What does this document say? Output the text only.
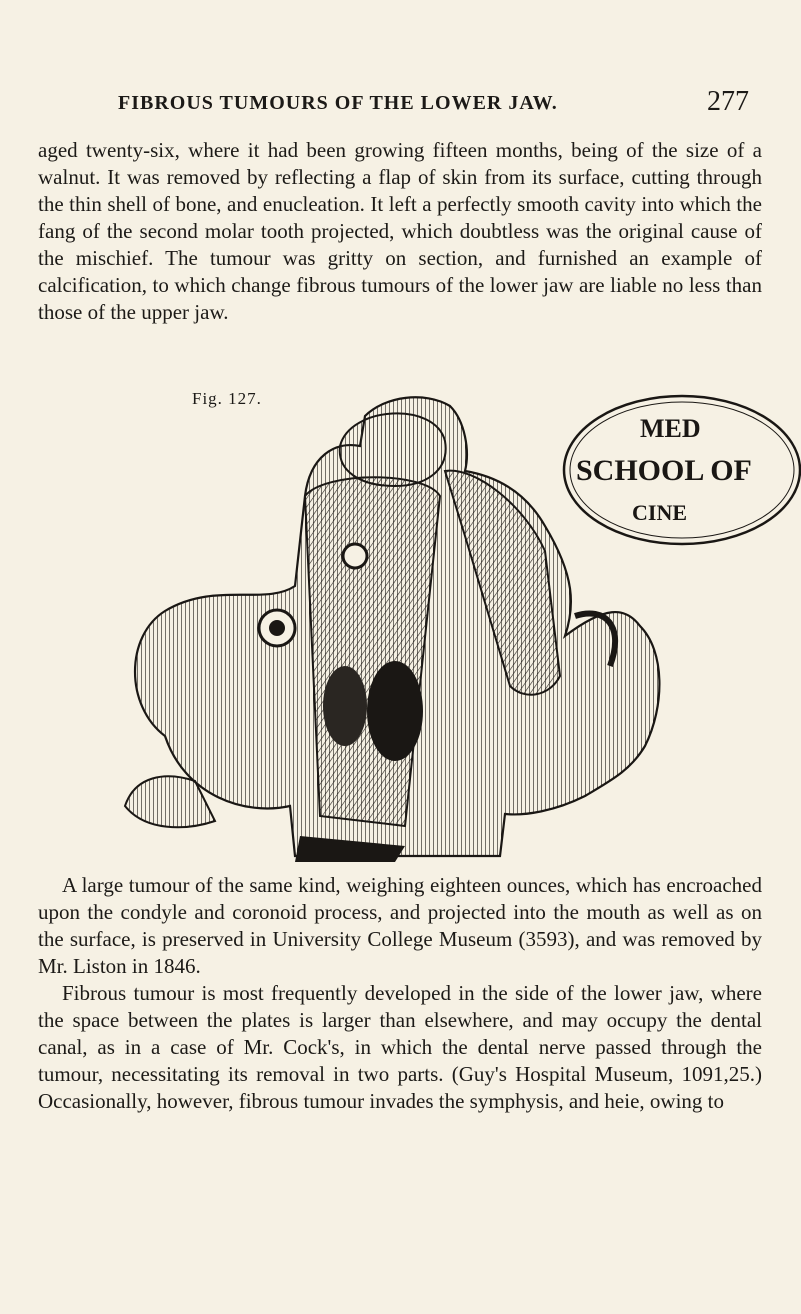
FIBROUS TUMOURS OF THE LOWER JAW.	277

aged twenty-six, where it had been growing fifteen months, being of the size of a walnut. It was removed by reflecting a flap of skin from its surface, cutting through the thin shell of bone, and enucleation. It left a perfectly smooth cavity into which the fang of the second molar tooth projected, which doubtless was the original cause of the mischief. The tumour was gritty on section, and furnished an example of calcification, to which change fibrous tumours of the lower jaw are liable no less than those of the upper jaw.

Fig. 127.
MED
SCHOOL OF
CINE

A large tumour of the same kind, weighing eighteen ounces, which has encroached upon the condyle and coronoid process, and projected into the mouth as well as on the surface, is preserved in University College Museum (3593), and was removed by Mr. Liston in 1846.

Fibrous tumour is most frequently developed in the side of the lower jaw, where the space between the plates is larger than elsewhere, and may occupy the dental canal, as in a case of Mr. Cock's, in which the dental nerve passed through the tumour, necessitating its removal in two parts. (Guy's Hospital Museum, 1091,25.) Occasionally, however, fibrous tumour invades the symphysis, and heie, owing to
